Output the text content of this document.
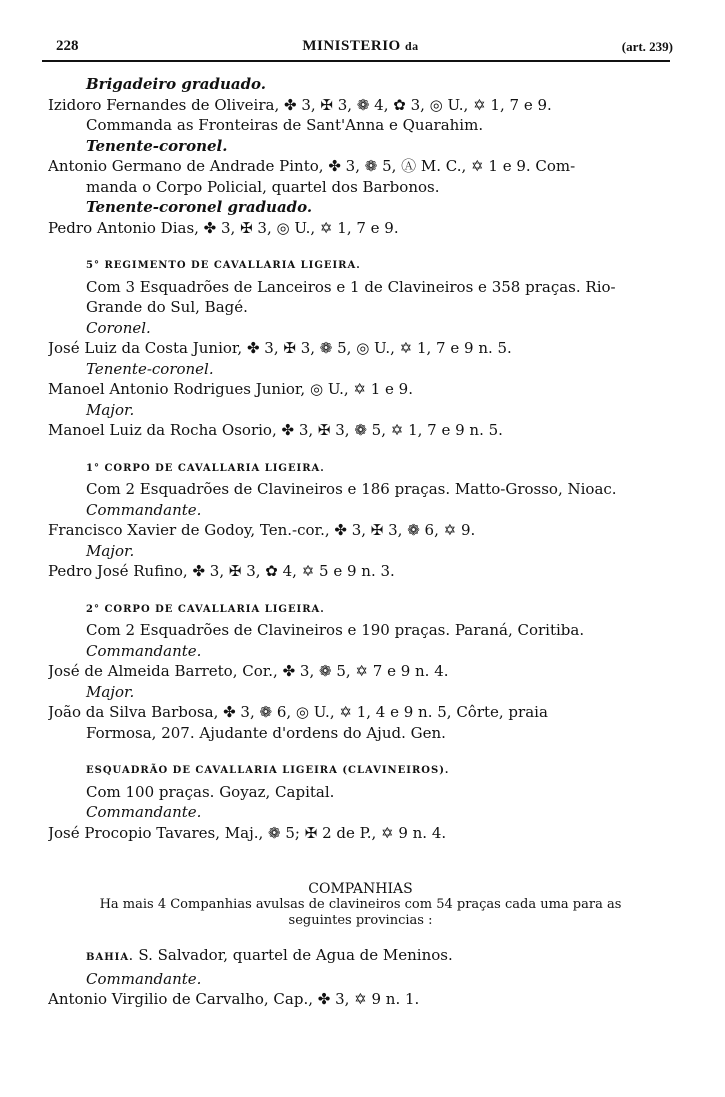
228	MINISTERIO da	(art. 239)
Brigadeiro graduado.
Izidoro Fernandes de Oliveira, ✤ 3, ✠ 3, ❁ 4, ✿ 3, ◎ U., ✡ 1, 7 e 9.
Commanda as Fronteiras de Sant'Anna e Quarahim.
Tenente-coronel.
Antonio Germano de Andrade Pinto, ✤ 3, ❁ 5, Ⓐ M. C., ✡ 1 e 9. Com-
manda o Corpo Policial, quartel dos Barbonos.
Tenente-coronel graduado.
Pedro Antonio Dias, ✤ 3, ✠ 3, ◎ U., ✡ 1, 7 e 9.
5° REGIMENTO DE CAVALLARIA LIGEIRA.
Com 3 Esquadrões de Lanceiros e 1 de Clavineiros e 358 praças. Rio-
Grande do Sul, Bagé.
Coronel.
José Luiz da Costa Junior, ✤ 3, ✠ 3, ❁ 5, ◎ U., ✡ 1, 7 e 9 n. 5.
Tenente-coronel.
Manoel Antonio Rodrigues Junior, ◎ U., ✡ 1 e 9.
Major.
Manoel Luiz da Rocha Osorio, ✤ 3, ✠ 3, ❁ 5, ✡ 1, 7 e 9 n. 5.
1° CORPO DE CAVALLARIA LIGEIRA.
Com 2 Esquadrões de Clavineiros e 186 praças. Matto-Grosso, Nioac.
Commandante.
Francisco Xavier de Godoy, Ten.-cor., ✤ 3, ✠ 3, ❁ 6, ✡ 9.
Major.
Pedro José Rufino, ✤ 3, ✠ 3, ✿ 4, ✡ 5 e 9 n. 3.
2° CORPO DE CAVALLARIA LIGEIRA.
Com 2 Esquadrões de Clavineiros e 190 praças. Paraná, Coritiba.
Commandante.
José de Almeida Barreto, Cor., ✤ 3, ❁ 5, ✡ 7 e 9 n. 4.
Major.
João da Silva Barbosa, ✤ 3, ❁ 6, ◎ U., ✡ 1, 4 e 9 n. 5, Côrte, praia
Formosa, 207. Ajudante d'ordens do Ajud. Gen.
ESQUADRÃO DE CAVALLARIA LIGEIRA (CLAVINEIROS).
Com 100 praças. Goyaz, Capital.
Commandante.
José Procopio Tavares, Maj., ❁ 5; ✠ 2 de P., ✡ 9 n. 4.
COMPANHIAS
Ha mais 4 Companhias avulsas de clavineiros com 54 praças cada uma para as
seguintes provincias :
BAHIA. S. Salvador, quartel de Agua de Meninos.
Commandante.
Antonio Virgilio de Carvalho, Cap., ✤ 3, ✡ 9 n. 1.
